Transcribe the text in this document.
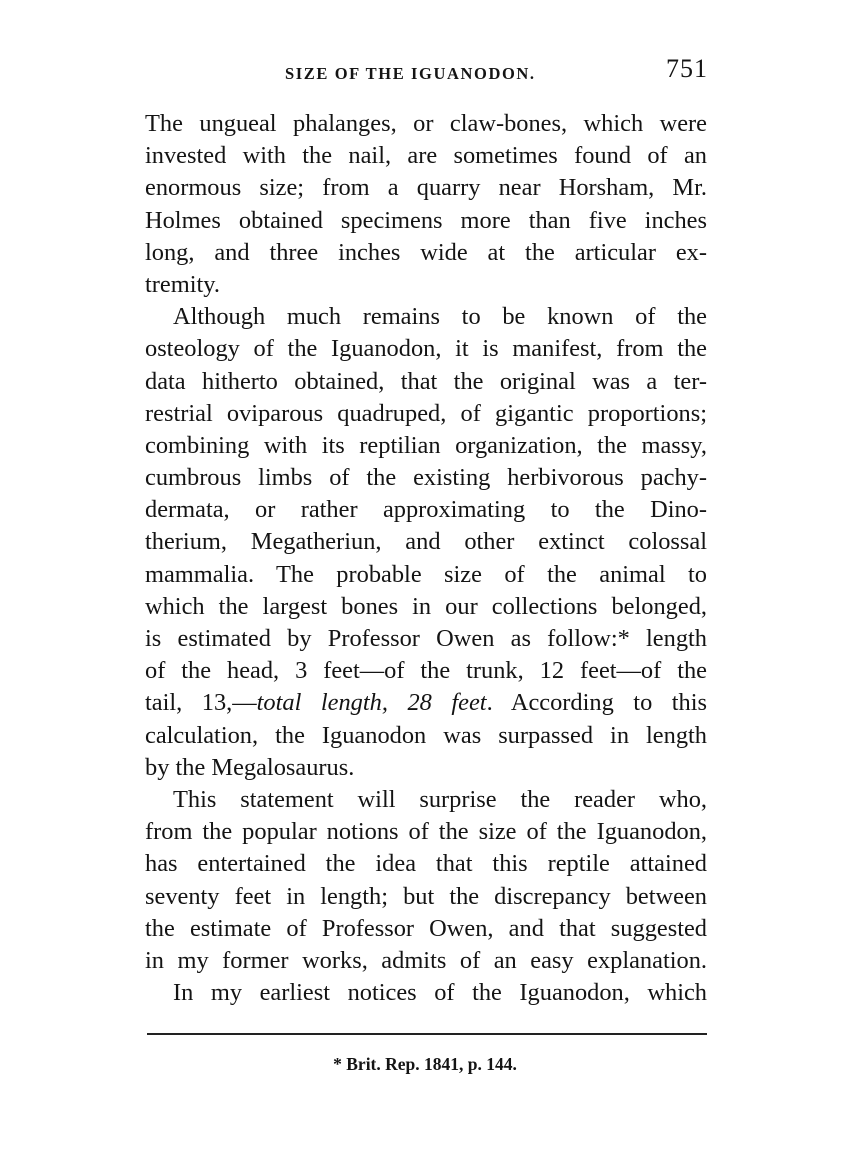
SIZE OF THE IGUANODON.	751
The ungueal phalanges, or claw-bones, which were
invested with the nail, are sometimes found of an
enormous size; from a quarry near Horsham, Mr.
Holmes obtained specimens more than five inches
long, and three inches wide at the articular ex-
tremity.
Although much remains to be known of the
osteology of the Iguanodon, it is manifest, from the
data hitherto obtained, that the original was a ter-
restrial oviparous quadruped, of gigantic proportions;
combining with its reptilian organization, the massy,
cumbrous limbs of the existing herbivorous pachy-
dermata, or rather approximating to the Dino-
therium, Megatheriun, and other extinct colossal
mammalia. The probable size of the animal to
which the largest bones in our collections belonged,
is estimated by Professor Owen as follow:* length
of the head, 3 feet—of the trunk, 12 feet—of the
tail, 13,—total length, 28 feet. According to this
calculation, the Iguanodon was surpassed in length
by the Megalosaurus.
This statement will surprise the reader who,
from the popular notions of the size of the Iguanodon,
has entertained the idea that this reptile attained
seventy feet in length; but the discrepancy between
the estimate of Professor Owen, and that suggested
in my former works, admits of an easy explanation.
In my earliest notices of the Iguanodon, which
* Brit. Rep. 1841, p. 144.
